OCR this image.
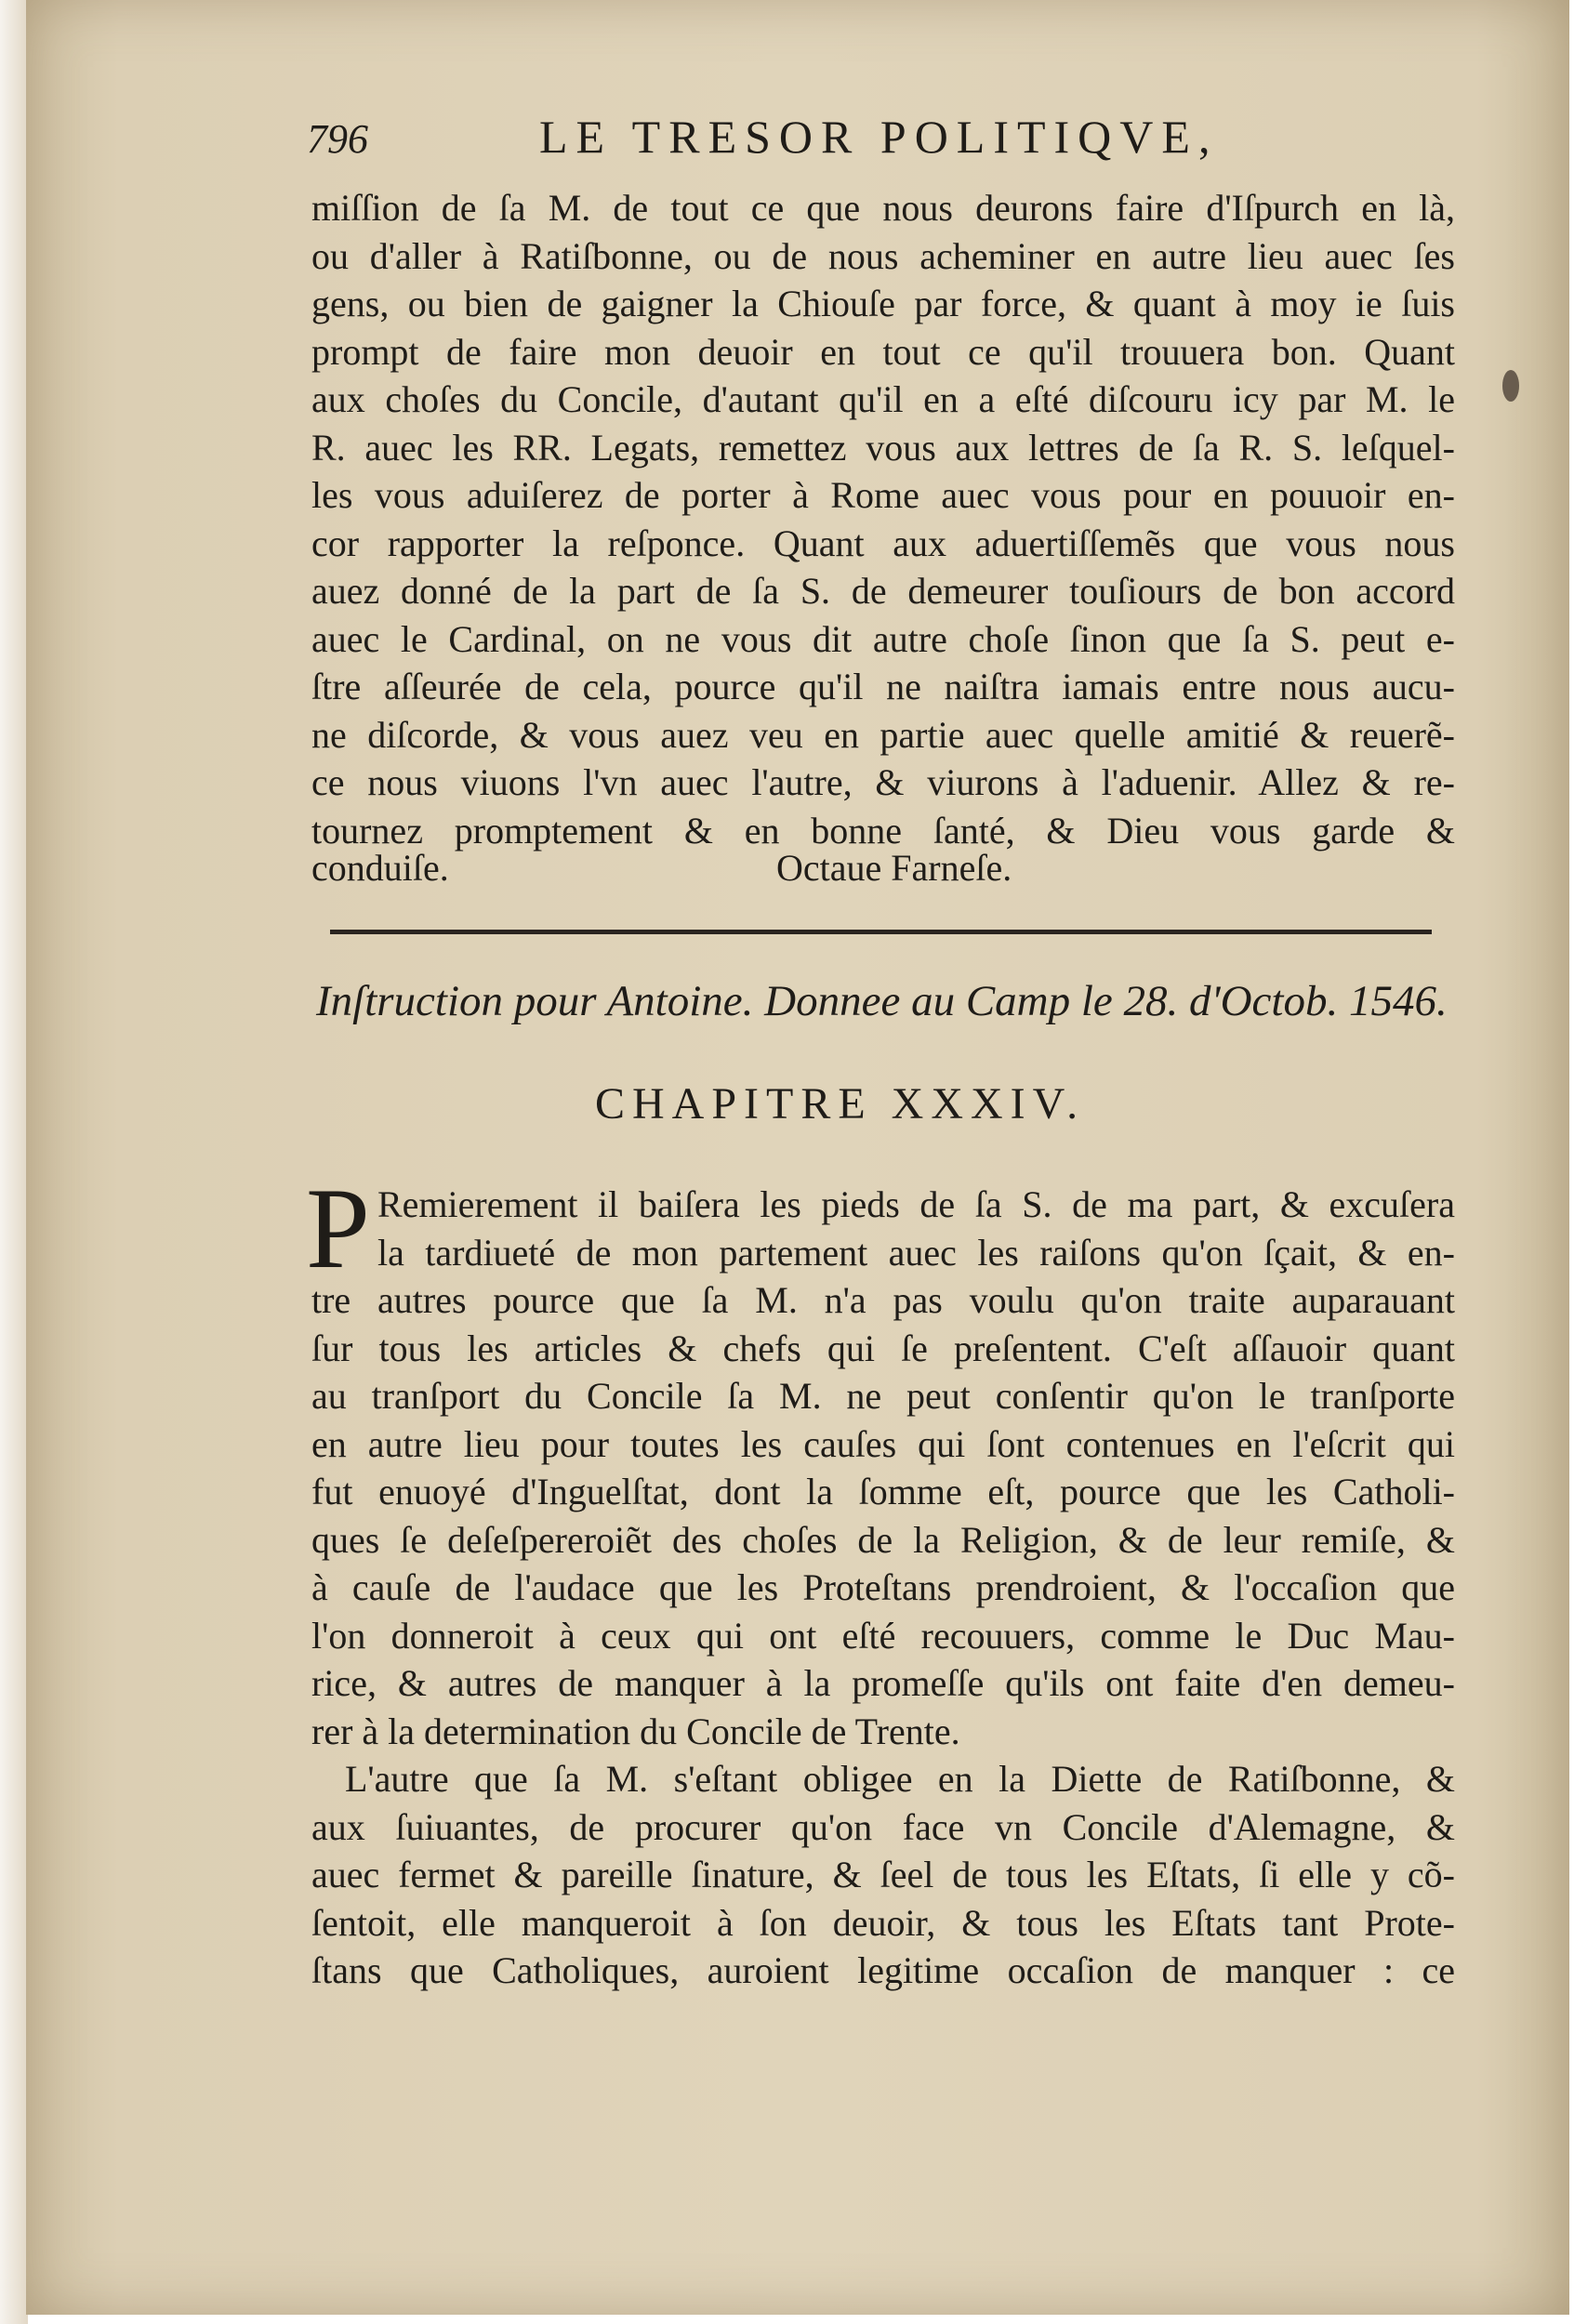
796	LE TRESOR POLITIQVE,
miſſion de ſa M. de tout ce que nous deurons faire d'Iſpurch en là,
ou d'aller à Ratiſbonne, ou de nous acheminer en autre lieu auec ſes
gens, ou bien de gaigner la Chiouſe par force, & quant à moy ie ſuis
prompt de faire mon deuoir en tout ce qu'il trouuera bon. Quant
aux choſes du Concile, d'autant qu'il en a eſté diſcouru icy par M. le
R. auec les RR. Legats, remettez vous aux lettres de ſa R. S. leſquel-
les vous aduiſerez de porter à Rome auec vous pour en pouuoir en-
cor rapporter la reſponce. Quant aux aduertiſſemẽs que vous nous
auez donné de la part de ſa S. de demeurer touſiours de bon accord
auec le Cardinal, on ne vous dit autre choſe ſinon que ſa S. peut e-
ſtre aſſeurée de cela, pource qu'il ne naiſtra iamais entre nous aucu-
ne diſcorde, & vous auez veu en partie auec quelle amitié & reuerẽ-
ce nous viuons l'vn auec l'autre, & viurons à l'aduenir. Allez & re-
tournez promptement & en bonne ſanté, & Dieu vous garde &
conduiſe.	Octaue Farneſe.
Inſtruction pour Antoine. Donnee au Camp le 28. d'Octob. 1546.
CHAPITRE XXXIV.
P Remierement il baiſera les pieds de ſa S. de ma part, & excuſera
la tardiueté de mon partement auec les raiſons qu'on ſçait, & en-
tre autres pource que ſa M. n'a pas voulu qu'on traite auparauant
ſur tous les articles & chefs qui ſe preſentent. C'eſt aſſauoir quant
au tranſport du Concile ſa M. ne peut conſentir qu'on le tranſporte
en autre lieu pour toutes les cauſes qui ſont contenues en l'eſcrit qui
fut enuoyé d'Inguelſtat, dont la ſomme eſt, pource que les Catholi-
ques ſe deſeſpereroiẽt des choſes de la Religion, & de leur remiſe, &
à cauſe de l'audace que les Proteſtans prendroient, & l'occaſion que
l'on donneroit à ceux qui ont eſté recouuers, comme le Duc Mau-
rice, & autres de manquer à la promeſſe qu'ils ont faite d'en demeu-
rer à la determination du Concile de Trente.
L'autre que ſa M. s'eſtant obligee en la Diette de Ratiſbonne, &
aux ſuiuantes, de procurer qu'on face vn Concile d'Alemagne, &
auec fermet & pareille ſinature, & ſeel de tous les Eſtats, ſi elle y cõ-
ſentoit, elle manqueroit à ſon deuoir, & tous les Eſtats tant Prote-
ſtans que Catholiques, auroient legitime occaſion de manquer : ce
